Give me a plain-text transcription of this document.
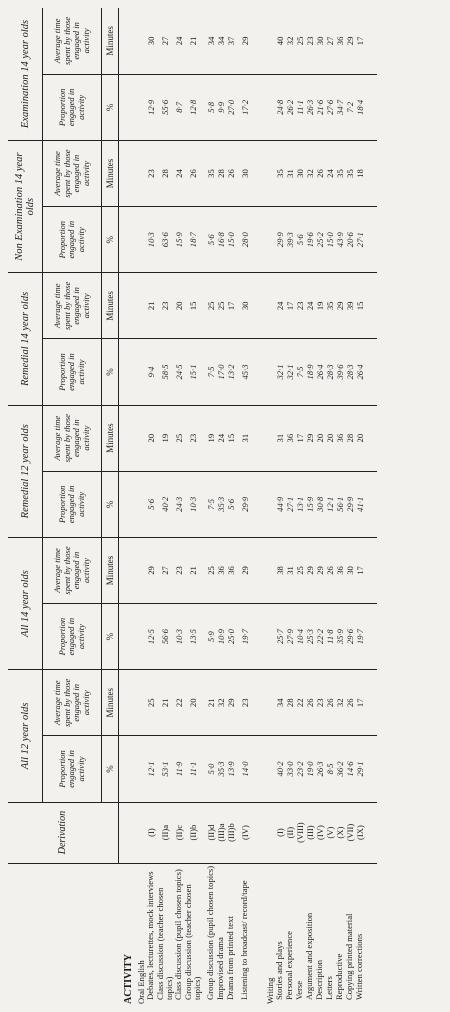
	Derivation	All 12 year olds		All 14 year olds		Remedial 12 year olds		Remedial 14 year olds		Non Examination 14 year olds		Examination 14 year olds	
		Proportion engaged in activity	Average time spent by those engaged in activity	Proportion engaged in activity	Average time spent by those engaged in activity	Proportion engaged in activity	Average time spent by those engaged in activity	Proportion engaged in activity	Average time spent by those engaged in activity	Proportion engaged in activity	Average time spent by those engaged in activity	Proportion engaged in activity	Average time spent by those engaged in activity
		%	Minutes	%	Minutes	%	Minutes	%	Minutes	%	Minutes	%	Minutes
ACTIVITY													
Oral English													
Debates, lecturettes, mock interviews	(I)	12·1	25	12·5	29	5·6	20	9·4	21	10·3	23	12·9	30
Class discussion (teacher chosen topics)	(II)a	53·1	21	56·6	27	40·2	19	58·5	23	63·6	28	55·6	27
Class discussion (pupil chosen topics)	(II)c	11·9	22	10·3	23	24·3	25	24·5	20	15·9	24	8·7	24
Group discussion (teacher chosen topics)	(II)b	11·1	20	13·5	21	10·3	23	15·1	15	18·7	26	12·8	21

Group discussion (pupil chosen topics)	(II)d	5·0	21	5·9	25	7·5	19	7·5	25	5·6	35	5·8	34
Improvised drama	(III)a	35·3	32	10·9	36	35·3	24	17·0	25	16·8	28	9·9	34
Drama from printed text	(III)b	13·9	29	25·0	36	5·6	15	13·2	17	15·0	26	27·0	37

Listening to broadcast/ record/tape	(IV)	14·0	23	19·7	29	29·9	31	45·3	30	28·0	30	17·2	29

Writing													
Stories and plays	(I)	40·2	34	25·7	38	44·9	31	32·1	24	29·9	35	24·8	40
Personal experience	(II)	33·0	28	27·9	31	27·1	36	32·1	17	39·3	31	26·2	32
Verse	(VIII)	23·2	22	10·4	25	13·1	17	7·5	23	5·6	30	11·1	25
Argument and exposition	(III)	19·0	26	25·3	29	15·9	29	18·9	24	19·6	32	26·3	23
Description	(IV)	26·3	23	22·2	29	30·8	20	26·4	19	25·2	26	21·6	30
Letters	(V)	8·5	26	11·8	26	12·1	20	28·3	35	15·0	24	27·6	27
Reproductive	(X)	36·2	32	35·9	36	56·1	36	39·6	29	43·9	35	34·7	36
Copying printed material	(VII)	14·6	26	29·6	30	29·9	28	28·3	39	20·6	35	7·2	29
Written corrections	(IX)	29·1	17	19·7	17	41·1	20	26·4	15	27·1	18	18·4	17
